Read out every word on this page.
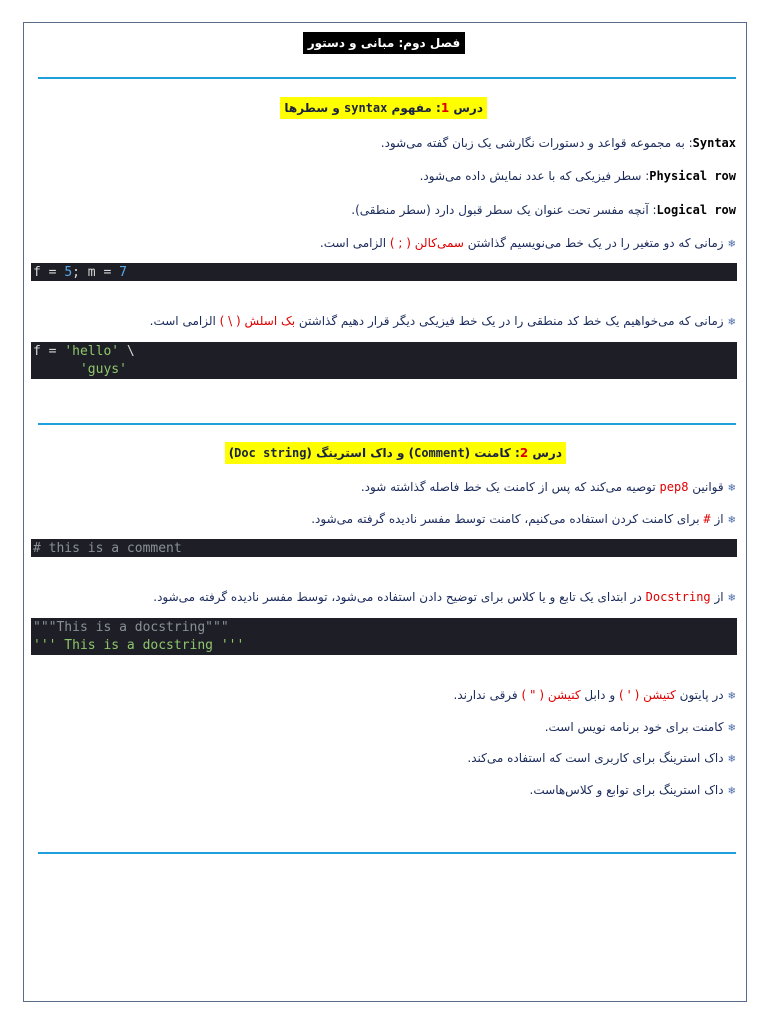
فصل دوم: مبانی و دستور نحو
درس 1: مفهوم syntax و سطرها
Syntax: به مجموعه قواعد و دستورات نگارشی یک زبان گفته می‌شود.
Physical row: سطر فیزیکی که با عدد نمایش داده می‌شود.
Logical row: آنچه مفسر تحت عنوان یک سطر قبول دارد (سطر منطقی).
❄زمانی که دو متغیر را در یک خط می‌نویسیم گذاشتن سمی‌کالن ( ; ) الزامی است.
f = 5; m = 7
❄زمانی که می‌خواهیم یک خط کد منطقی را در یک خط فیزیکی دیگر قرار دهیم گذاشتن بک اسلش ( \ ) الزامی است.
f = 'hello' \
'guys'
درس 2: کامنت (Comment) و داک استرینگ (Doc string)
❄قوانین pep8 توصیه می‌کند که پس از کامنت یک خط فاصله گذاشته شود.
❄از # برای کامنت کردن استفاده می‌کنیم، کامنت توسط مفسر نادیده گرفته می‌شود.
# this is a comment
❄از Docstring در ابتدای یک تابع و یا کلاس برای توضیح دادن استفاده می‌شود، توسط مفسر نادیده گرفته می‌شود.
"""This is a docstring"""
''' This is a docstring '''
❄در پایتون کتیشن ( ' ) و دابل کتیشن ( " ) فرقی ندارند.
❄کامنت برای خود برنامه نویس است.
❄داک استرینگ برای کاربری است که استفاده می‌کند.
❄داک استرینگ برای توابع و کلاس‌هاست.
